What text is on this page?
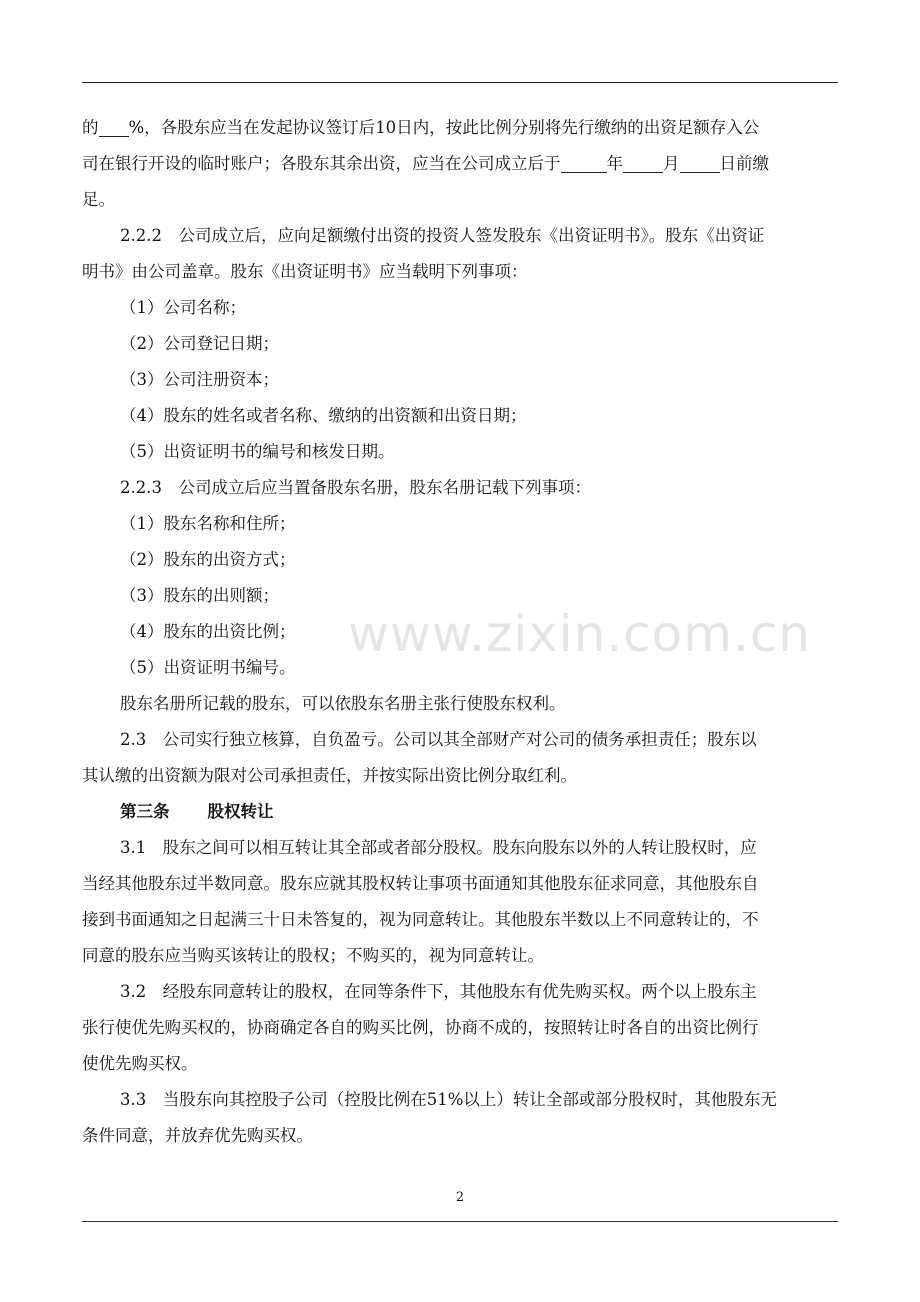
www.zixin.com.cn
的 %，各股东应当在发起协议签订后10日内，按此比例分别将先行缴纳的出资足额存入公
司在银行开设的临时账户；各股东其余出资，应当在公司成立后于	年 月 日前缴
足。
2.2.2　公司成立后，应向足额缴付出资的投资人签发股东《出资证明书》。股东《出资证
明书》由公司盖章。股东《出资证明书》应当载明下列事项：
（1）公司名称；
（2）公司登记日期；
（3）公司注册资本；
（4）股东的姓名或者名称、缴纳的出资额和出资日期；
（5）出资证明书的编号和核发日期。
2.2.3　公司成立后应当置备股东名册，股东名册记载下列事项：
（1）股东名称和住所；
（2）股东的出资方式；
（3）股东的出则额；
（4）股东的出资比例；
（5）出资证明书编号。
股东名册所记载的股东，可以依股东名册主张行使股东权利。
2.3　公司实行独立核算，自负盈亏。公司以其全部财产对公司的债务承担责任；股东以
其认缴的出资额为限对公司承担责任，并按实际出资比例分取红利。
第三条 股权转让
3.1　股东之间可以相互转让其全部或者部分股权。股东向股东以外的人转让股权时，应
当经其他股东过半数同意。股东应就其股权转让事项书面通知其他股东征求同意，其他股东自
接到书面通知之日起满三十日未答复的，视为同意转让。其他股东半数以上不同意转让的，不
同意的股东应当购买该转让的股权；不购买的，视为同意转让。
3.2　经股东同意转让的股权，在同等条件下，其他股东有优先购买权。两个以上股东主
张行使优先购买权的，协商确定各自的购买比例，协商不成的，按照转让时各自的出资比例行
使优先购买权。
3.3　当股东向其控股子公司（控股比例在51%以上）转让全部或部分股权时，其他股东无
条件同意，并放弃优先购买权。
2
